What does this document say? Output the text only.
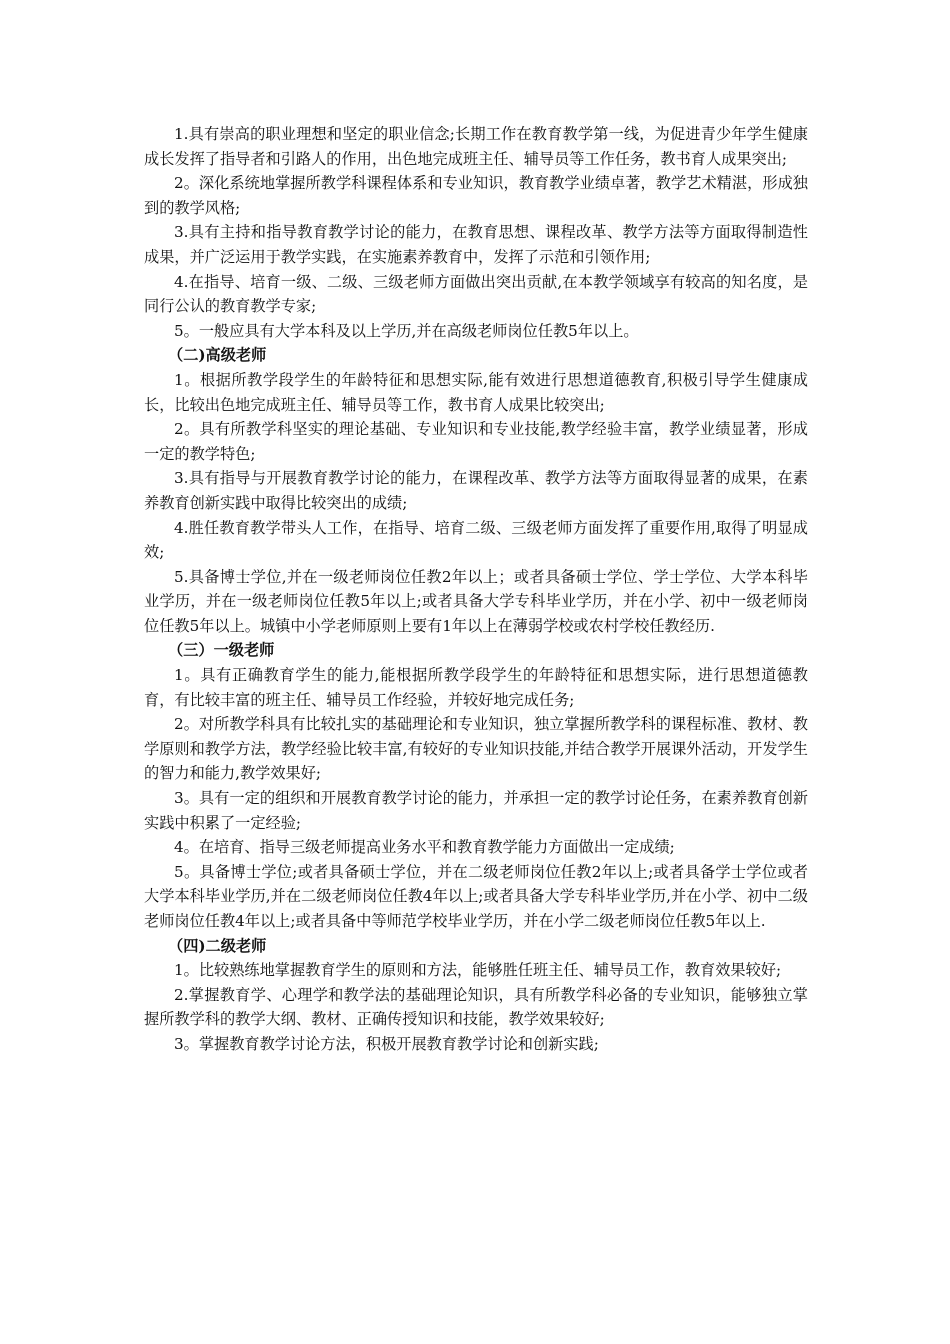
1.具有崇高的职业理想和坚定的职业信念;长期工作在教育教学第一线，为促进青少年学生健康成长发挥了指导者和引路人的作用，出色地完成班主任、辅导员等工作任务，教书育人成果突出;

2。深化系统地掌握所教学科课程体系和专业知识，教育教学业绩卓著，教学艺术精湛，形成独到的教学风格;

3.具有主持和指导教育教学讨论的能力，在教育思想、课程改革、教学方法等方面取得制造性成果，并广泛运用于教学实践，在实施素养教育中，发挥了示范和引领作用;

4.在指导、培育一级、二级、三级老师方面做出突出贡献,在本教学领域享有较高的知名度，是同行公认的教育教学专家;

5。一般应具有大学本科及以上学历,并在高级老师岗位任教5年以上。

（二)高级老师

1。根据所教学段学生的年龄特征和思想实际,能有效进行思想道德教育,积极引导学生健康成长，比较出色地完成班主任、辅导员等工作，教书育人成果比较突出;

2。具有所教学科坚实的理论基础、专业知识和专业技能,教学经验丰富，教学业绩显著，形成一定的教学特色;

3.具有指导与开展教育教学讨论的能力，在课程改革、教学方法等方面取得显著的成果，在素养教育创新实践中取得比较突出的成绩;

4.胜任教育教学带头人工作，在指导、培育二级、三级老师方面发挥了重要作用,取得了明显成效;

5.具备博士学位,并在一级老师岗位任教2年以上；或者具备硕士学位、学士学位、大学本科毕业学历，并在一级老师岗位任教5年以上;或者具备大学专科毕业学历，并在小学、初中一级老师岗位任教5年以上。城镇中小学老师原则上要有1年以上在薄弱学校或农村学校任教经历.

（三）一级老师

1。具有正确教育学生的能力,能根据所教学段学生的年龄特征和思想实际，进行思想道德教育，有比较丰富的班主任、辅导员工作经验，并较好地完成任务;

2。对所教学科具有比较扎实的基础理论和专业知识，独立掌握所教学科的课程标准、教材、教学原则和教学方法，教学经验比较丰富,有较好的专业知识技能,并结合教学开展课外活动，开发学生的智力和能力,教学效果好;

3。具有一定的组织和开展教育教学讨论的能力，并承担一定的教学讨论任务，在素养教育创新实践中积累了一定经验;

4。在培育、指导三级老师提高业务水平和教育教学能力方面做出一定成绩;

5。具备博士学位;或者具备硕士学位，并在二级老师岗位任教2年以上;或者具备学士学位或者大学本科毕业学历,并在二级老师岗位任教4年以上;或者具备大学专科毕业学历,并在小学、初中二级老师岗位任教4年以上;或者具备中等师范学校毕业学历，并在小学二级老师岗位任教5年以上.

（四)二级老师

1。比较熟练地掌握教育学生的原则和方法，能够胜任班主任、辅导员工作，教育效果较好;

2.掌握教育学、心理学和教学法的基础理论知识，具有所教学科必备的专业知识，能够独立掌握所教学科的教学大纲、教材、正确传授知识和技能，教学效果较好;

3。掌握教育教学讨论方法，积极开展教育教学讨论和创新实践;
